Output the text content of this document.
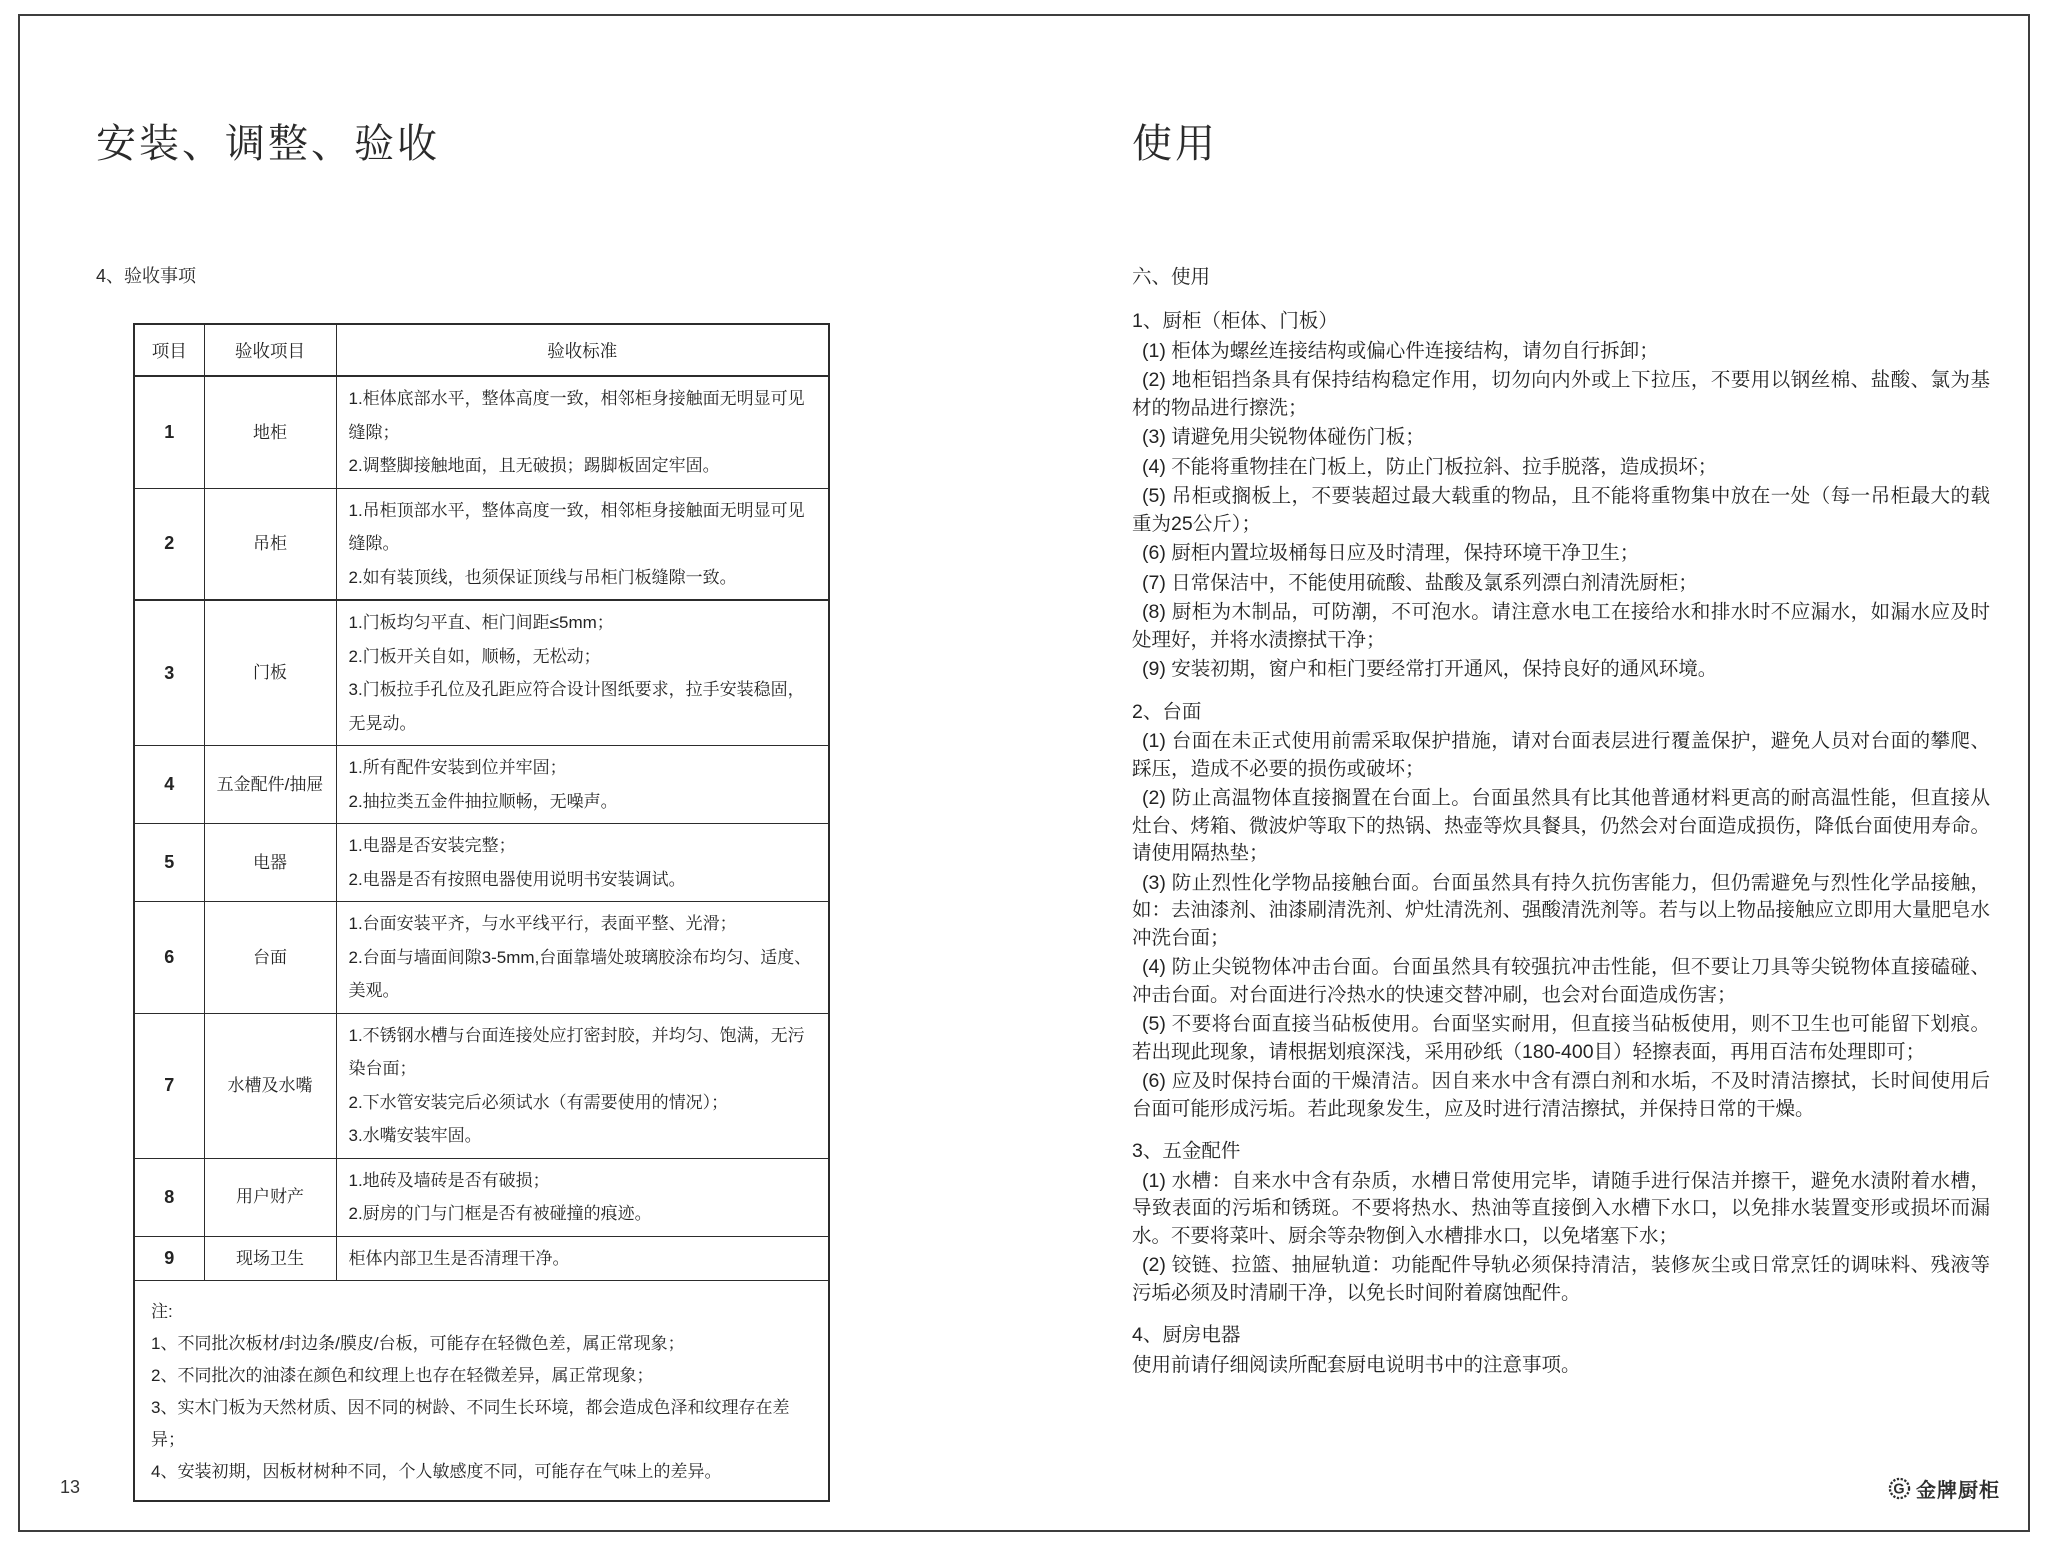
安装、调整、验收
4、验收事项
项目	验收项目	验收标准
1	地柜	1.柜体底部水平，整体高度一致，相邻柜身接触面无明显可见缝隙；
2.调整脚接触地面，且无破损；踢脚板固定牢固。

2	吊柜	1.吊柜顶部水平，整体高度一致，相邻柜身接触面无明显可见缝隙。
2.如有装顶线，也须保证顶线与吊柜门板缝隙一致。

3	门板	1.门板均匀平直、柜门间距≤5mm；
2.门板开关自如，顺畅，无松动；
3.门板拉手孔位及孔距应符合设计图纸要求，拉手安装稳固，无晃动。

4	五金配件/抽屉	1.所有配件安装到位并牢固；
2.抽拉类五金件抽拉顺畅，无噪声。

5	电器	1.电器是否安装完整；
2.电器是否有按照电器使用说明书安装调试。

6	台面	1.台面安装平齐，与水平线平行，表面平整、光滑；
2.台面与墙面间隙3-5mm,台面靠墙处玻璃胶涂布均匀、适度、美观。

7	水槽及水嘴	1.不锈钢水槽与台面连接处应打密封胶，并均匀、饱满，无污染台面；
2.下水管安装完后必须试水（有需要使用的情况）；
3.水嘴安装牢固。

8	用户财产	1.地砖及墙砖是否有破损；
2.厨房的门与门框是否有被碰撞的痕迹。

9	现场卫生	柜体内部卫生是否清理干净。

注:
1、不同批次板材/封边条/膜皮/台板，可能存在轻微色差，属正常现象；
2、不同批次的油漆在颜色和纹理上也存在轻微差异，属正常现象；
3、实木门板为天然材质、因不同的树龄、不同生长环境，都会造成色泽和纹理存在差异；
4、安装初期，因板材树种不同，个人敏感度不同，可能存在气味上的差异。		
使用
六、使用
1、厨柜（柜体、门板）

(1) 柜体为螺丝连接结构或偏心件连接结构，请勿自行拆卸；

(2) 地柜铝挡条具有保持结构稳定作用，切勿向内外或上下拉压，不要用以钢丝棉、盐酸、氯为基材的物品进行擦洗；

(3) 请避免用尖锐物体碰伤门板；

(4) 不能将重物挂在门板上，防止门板拉斜、拉手脱落，造成损坏；

(5) 吊柜或搁板上，不要装超过最大载重的物品，且不能将重物集中放在一处（每一吊柜最大的载重为25公斤）；

(6) 厨柜内置垃圾桶每日应及时清理，保持环境干净卫生；

(7) 日常保洁中，不能使用硫酸、盐酸及氯系列漂白剂清洗厨柜；

(8) 厨柜为木制品，可防潮，不可泡水。请注意水电工在接给水和排水时不应漏水，如漏水应及时处理好，并将水渍擦拭干净；

(9) 安装初期，窗户和柜门要经常打开通风，保持良好的通风环境。

2、台面

(1) 台面在未正式使用前需采取保护措施，请对台面表层进行覆盖保护，避免人员对台面的攀爬、踩压，造成不必要的损伤或破坏；

(2) 防止高温物体直接搁置在台面上。台面虽然具有比其他普通材料更高的耐高温性能，但直接从灶台、烤箱、微波炉等取下的热锅、热壶等炊具餐具，仍然会对台面造成损伤，降低台面使用寿命。请使用隔热垫；

(3) 防止烈性化学物品接触台面。台面虽然具有持久抗伤害能力，但仍需避免与烈性化学品接触，如：去油漆剂、油漆刷清洗剂、炉灶清洗剂、强酸清洗剂等。若与以上物品接触应立即用大量肥皂水冲洗台面；

(4) 防止尖锐物体冲击台面。台面虽然具有较强抗冲击性能，但不要让刀具等尖锐物体直接磕碰、冲击台面。对台面进行冷热水的快速交替冲刷，也会对台面造成伤害；

(5) 不要将台面直接当砧板使用。台面坚实耐用，但直接当砧板使用，则不卫生也可能留下划痕。若出现此现象，请根据划痕深浅，采用砂纸（180-400目）轻擦表面，再用百洁布处理即可；

(6) 应及时保持台面的干燥清洁。因自来水中含有漂白剂和水垢，不及时清洁擦拭，长时间使用后台面可能形成污垢。若此现象发生，应及时进行清洁擦拭，并保持日常的干燥。

3、五金配件

(1) 水槽：自来水中含有杂质，水槽日常使用完毕，请随手进行保洁并擦干，避免水渍附着水槽，导致表面的污垢和锈斑。不要将热水、热油等直接倒入水槽下水口，以免排水装置变形或损坏而漏水。不要将菜叶、厨余等杂物倒入水槽排水口，以免堵塞下水；

(2) 铰链、拉篮、抽屉轨道：功能配件导轨必须保持清洁，装修灰尘或日常烹饪的调味料、残液等污垢必须及时清刷干净，以免长时间附着腐蚀配件。

4、厨房电器

使用前请仔细阅读所配套厨电说明书中的注意事项。

13	G 金牌厨柜
